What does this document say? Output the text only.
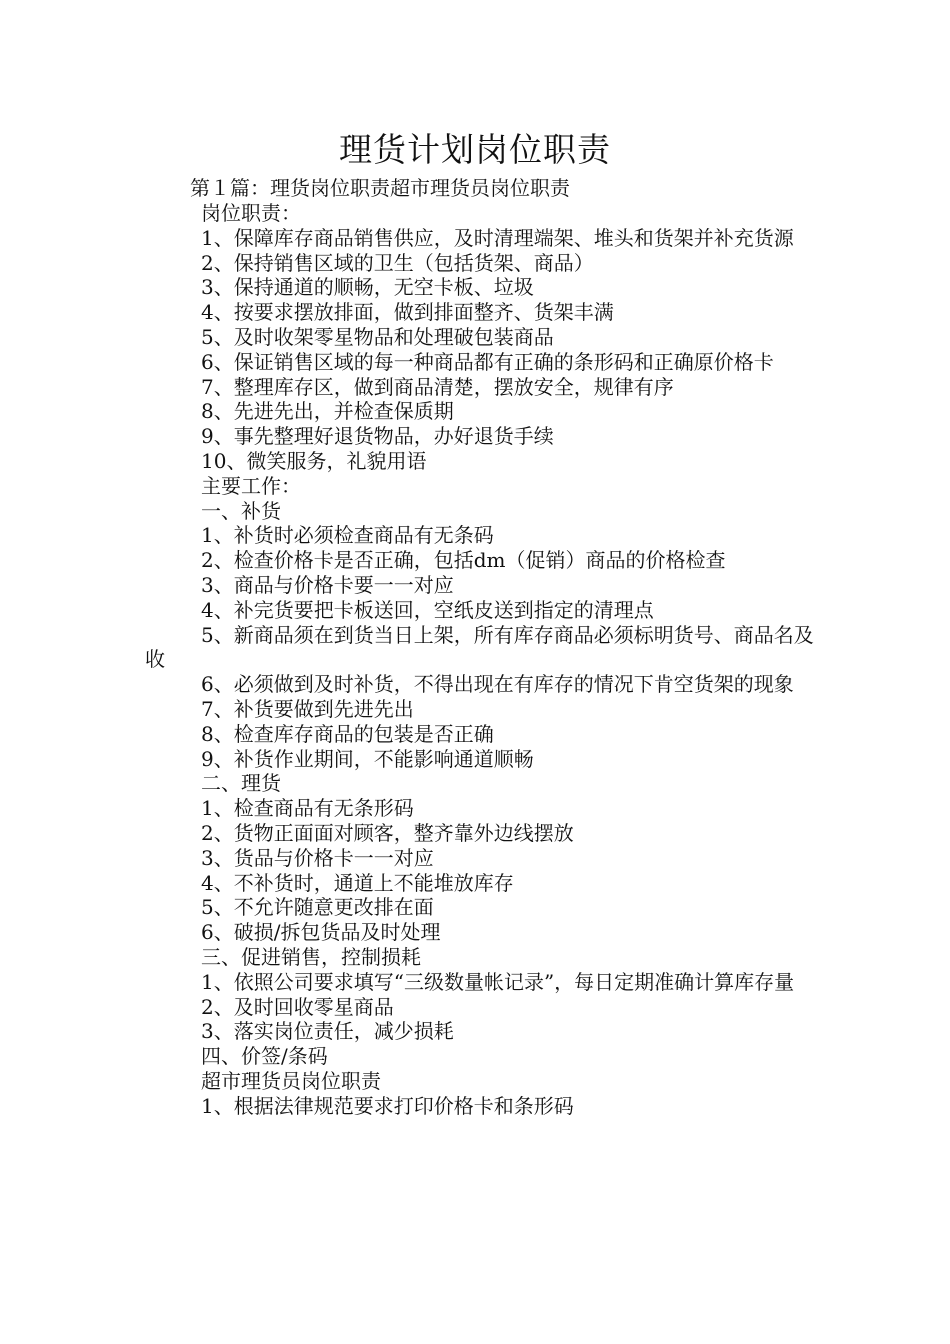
理货计划岗位职责
第１篇：理货岗位职责超市理货员岗位职责

岗位职责：

1、保障库存商品销售供应，及时清理端架、堆头和货架并补充货源

2、保持销售区域的卫生（包括货架、商品）

3、保持通道的顺畅，无空卡板、垃圾

4、按要求摆放排面，做到排面整齐、货架丰满

5、及时收架零星物品和处理破包装商品

6、保证销售区域的每一种商品都有正确的条形码和正确原价格卡

7、整理库存区，做到商品清楚，摆放安全，规律有序

8、先进先出，并检查保质期

9、事先整理好退货物品，办好退货手续

10、微笑服务，礼貌用语

主要工作：

一、补货

1、补货时必须检查商品有无条码

2、检查价格卡是否正确，包括dm（促销）商品的价格检查

3、商品与价格卡要一一对应

4、补完货要把卡板送回，空纸皮送到指定的清理点

5、新商品须在到货当日上架，所有库存商品必须标明货号、商品名及收

6、必须做到及时补货，不得出现在有库存的情况下肯空货架的现象

7、补货要做到先进先出

8、检查库存商品的包装是否正确

9、补货作业期间，不能影响通道顺畅

二、理货

1、检查商品有无条形码

2、货物正面面对顾客，整齐靠外边线摆放

3、货品与价格卡一一对应

4、不补货时，通道上不能堆放库存

5、不允许随意更改排在面

6、破损/拆包货品及时处理

三、促进销售，控制损耗

1、依照公司要求填写“三级数量帐记录”，每日定期准确计算库存量

2、及时回收零星商品

3、落实岗位责任，减少损耗

四、价签/条码

超市理货员岗位职责

1、根据法律规范要求打印价格卡和条形码
